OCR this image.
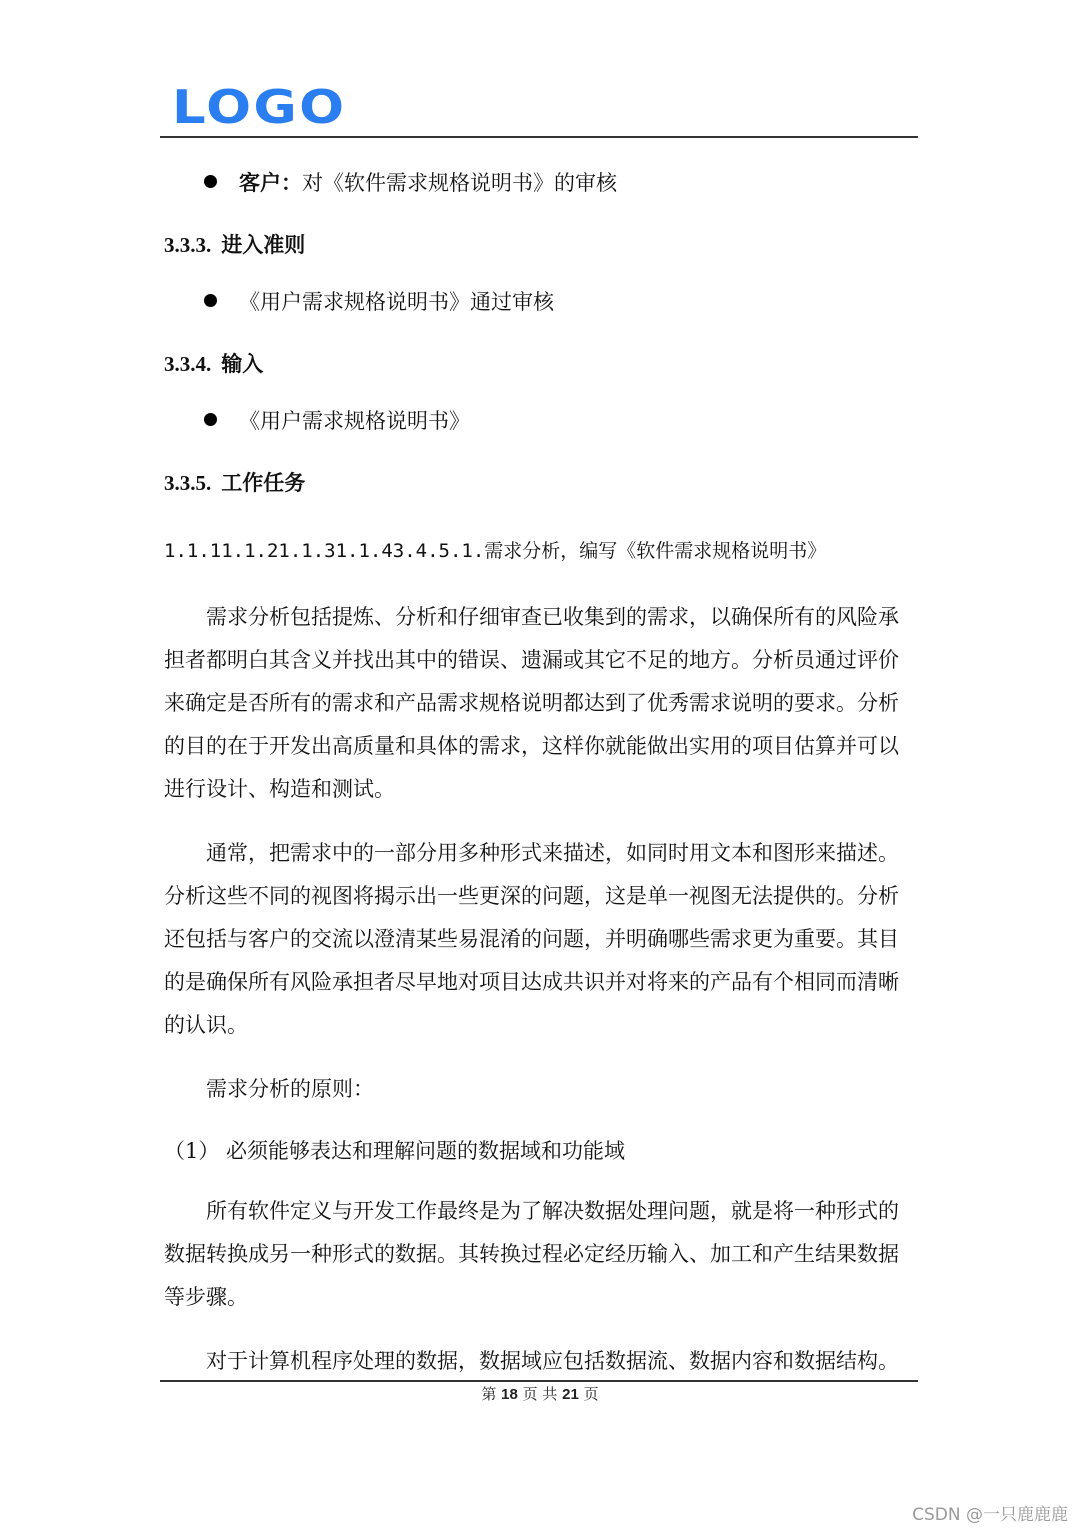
LOGO
客户：对《软件需求规格说明书》的审核
3.3.3. 进入准则
《用户需求规格说明书》通过审核
3.3.4. 输入
《用户需求规格说明书》
3.3.5. 工作任务
1.1.11.1.21.1.31.1.43.4.5.1.需求分析，编写《软件需求规格说明书》
需求分析包括提炼、分析和仔细审查已收集到的需求，以确保所有的风险承担者都明白其含义并找出其中的错误、遗漏或其它不足的地方。分析员通过评价来确定是否所有的需求和产品需求规格说明都达到了优秀需求说明的要求。分析的目的在于开发出高质量和具体的需求，这样你就能做出实用的项目估算并可以进行设计、构造和测试。
通常，把需求中的一部分用多种形式来描述，如同时用文本和图形来描述。分析这些不同的视图将揭示出一些更深的问题，这是单一视图无法提供的。分析还包括与客户的交流以澄清某些易混淆的问题，并明确哪些需求更为重要。其目的是确保所有风险承担者尽早地对项目达成共识并对将来的产品有个相同而清晰的认识。
需求分析的原则：
（1） 必须能够表达和理解问题的数据域和功能域
所有软件定义与开发工作最终是为了解决数据处理问题，就是将一种形式的数据转换成另一种形式的数据。其转换过程必定经历输入、加工和产生结果数据等步骤。
对于计算机程序处理的数据，数据域应包括数据流、数据内容和数据结构。
第 18 页 共 21 页
CSDN @一只鹿鹿鹿
